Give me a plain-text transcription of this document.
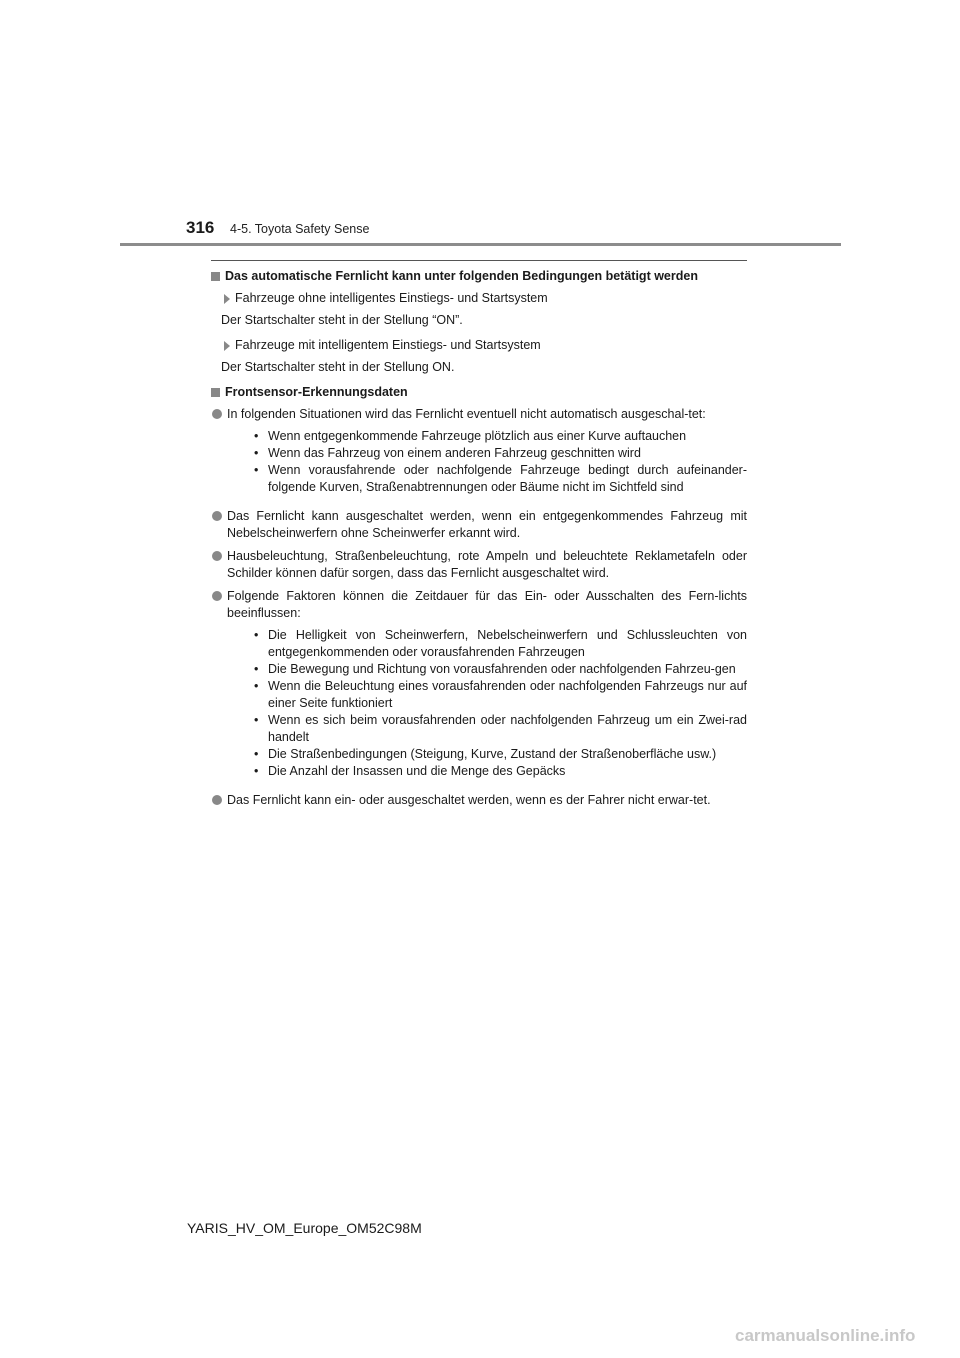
316 4-5. Toyota Safety Sense
Das automatische Fernlicht kann unter folgenden Bedingungen betätigt werden
Fahrzeuge ohne intelligentes Einstiegs- und Startsystem
Der Startschalter steht in der Stellung “ON”.
Fahrzeuge mit intelligentem Einstiegs- und Startsystem
Der Startschalter steht in der Stellung ON.
Frontsensor-Erkennungsdaten
In folgenden Situationen wird das Fernlicht eventuell nicht automatisch ausgeschal-tet:
• Wenn entgegenkommende Fahrzeuge plötzlich aus einer Kurve auftauchen
• Wenn das Fahrzeug von einem anderen Fahrzeug geschnitten wird
• Wenn vorausfahrende oder nachfolgende Fahrzeuge bedingt durch aufeinander-folgende Kurven, Straßenabtrennungen oder Bäume nicht im Sichtfeld sind
Das Fernlicht kann ausgeschaltet werden, wenn ein entgegenkommendes Fahrzeug mit Nebelscheinwerfern ohne Scheinwerfer erkannt wird.
Hausbeleuchtung, Straßenbeleuchtung, rote Ampeln und beleuchtete Reklametafeln oder Schilder können dafür sorgen, dass das Fernlicht ausgeschaltet wird.
Folgende Faktoren können die Zeitdauer für das Ein- oder Ausschalten des Fern-lichts beeinflussen:
• Die Helligkeit von Scheinwerfern, Nebelscheinwerfern und Schlussleuchten von entgegenkommenden oder vorausfahrenden Fahrzeugen
• Die Bewegung und Richtung von vorausfahrenden oder nachfolgenden Fahrzeu-gen
• Wenn die Beleuchtung eines vorausfahrenden oder nachfolgenden Fahrzeugs nur auf einer Seite funktioniert
• Wenn es sich beim vorausfahrenden oder nachfolgenden Fahrzeug um ein Zwei-rad handelt
• Die Straßenbedingungen (Steigung, Kurve, Zustand der Straßenoberfläche usw.)
• Die Anzahl der Insassen und die Menge des Gepäcks
Das Fernlicht kann ein- oder ausgeschaltet werden, wenn es der Fahrer nicht erwar-tet.
YARIS_HV_OM_Europe_OM52C98M
carmanualsonline.info
